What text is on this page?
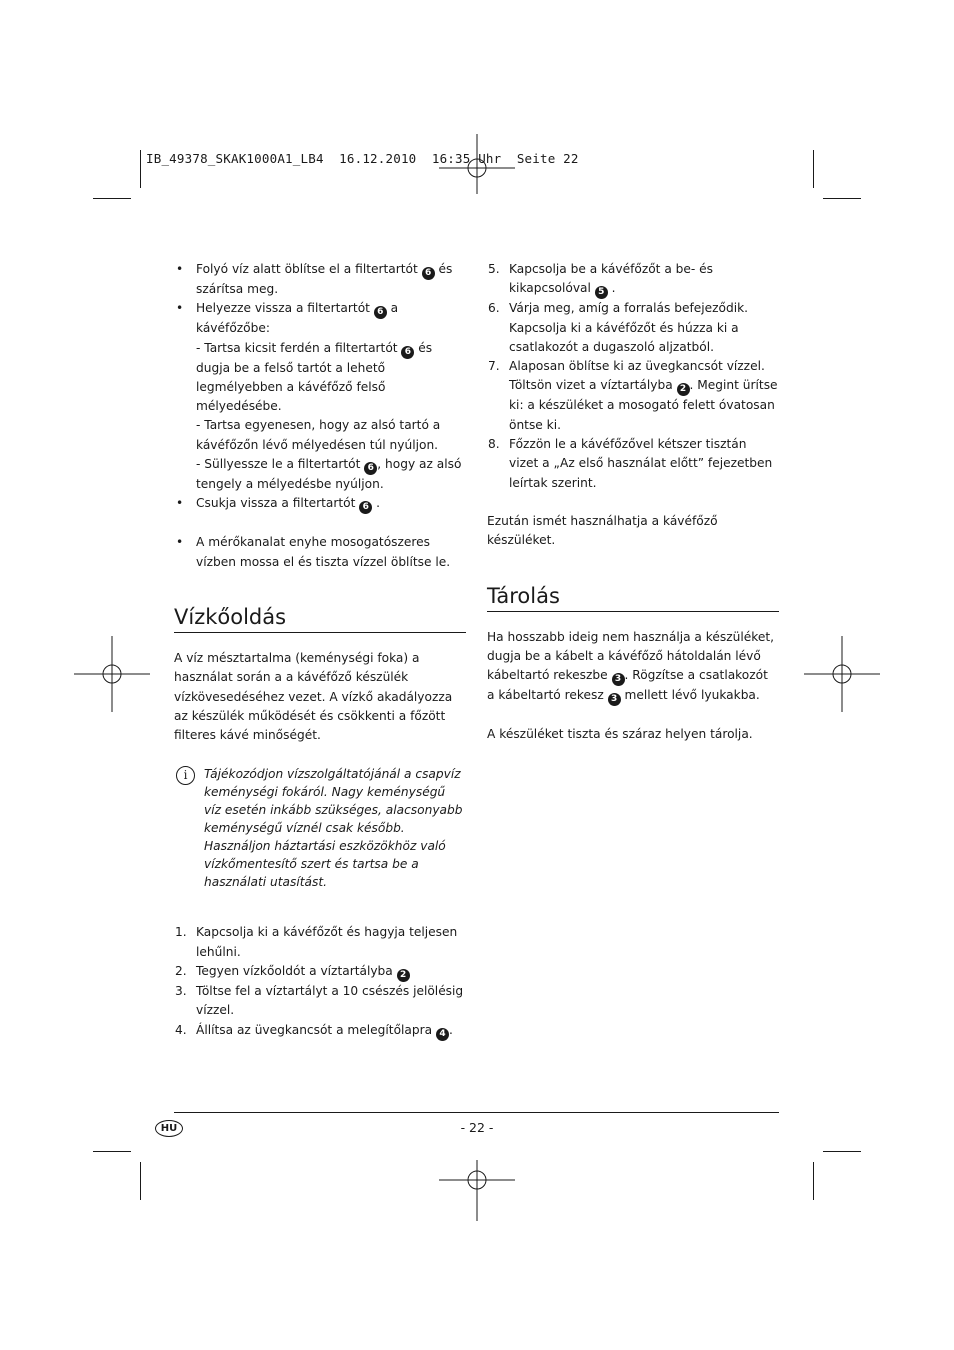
IB_49378_SKAK1000A1_LB4  16.12.2010  16:35 Uhr  Seite 22
• Folyó víz alatt öblítse el a filtertartót 6 és szárítsa meg.
• Helyezze vissza a filtertartót 6 a kávéfőzőbe:
- Tartsa kicsit ferdén a filtertartót 6 és dugja be a felső tartót a lehető legmélyebben a kávéfőző felső mélyedésébe.
- Tartsa egyenesen, hogy az alsó tartó a kávéfőzőn lévő mélyedésen túl nyúljon.
- Süllyessze le a filtertartót 6 , hogy az alsó tengely a mélyedésbe nyúljon.
• Csukja vissza a filtertartót 6 .
• A mérőkanalat enyhe mosogatószeres vízben mossa el és tiszta vízzel öblítse le.
Vízkőoldás
A víz mésztartalma (keménységi foka) a használat során a a kávéfőző készülék vízkövesedéséhez vezet. A vízkő akadályozza az készülék működését és csökkenti a főzött filteres kávé minőségét.
i	Tájékozódjon vízszolgáltatójánál a csapvíz keménységi fokáról. Nagy keménységű víz esetén inkább szükséges, alacsonyabb keménységű víznél csak később. Használjon háztartási eszközökhöz való vízkőmentesítő szert és tartsa be a használati utasítást.
1. Kapcsolja ki a kávéfőzőt és hagyja teljesen lehűlni.
2. Tegyen vízkőoldót a víztartályba 2
3. Töltse fel a víztartályt a 10 csészés jelölésig vízzel.
4. Állítsa az üvegkancsót a melegítőlapra 4 .
5. Kapcsolja be a kávéfőzőt a be- és kikapcsolóval 5 .
6. Várja meg, amíg a forralás befejeződik. Kapcsolja ki a kávéfőzőt és húzza ki a csatlakozót a dugaszoló aljzatból.
7. Alaposan öblítse ki az üvegkancsót vízzel. Töltsön vizet a víztartályba 2 . Megint ürítse ki: a készüléket a mosogató felett óvatosan öntse ki.
8. Főzzön le a kávéfőzővel kétszer tisztán vizet a „Az első használat előtt” fejezetben leírtak szerint.
Ezután ismét használhatja a kávéfőző készüléket.
Tárolás
Ha hosszabb ideig nem használja a készüléket, dugja be a kábelt a kávéfőző hátoldalán lévő kábeltartó rekeszbe 3 . Rögzítse a csatlakozót a kábeltartó rekesz 3 mellett lévő lyukakba.
A készüléket tiszta és száraz helyen tárolja.
HU	- 22 -
